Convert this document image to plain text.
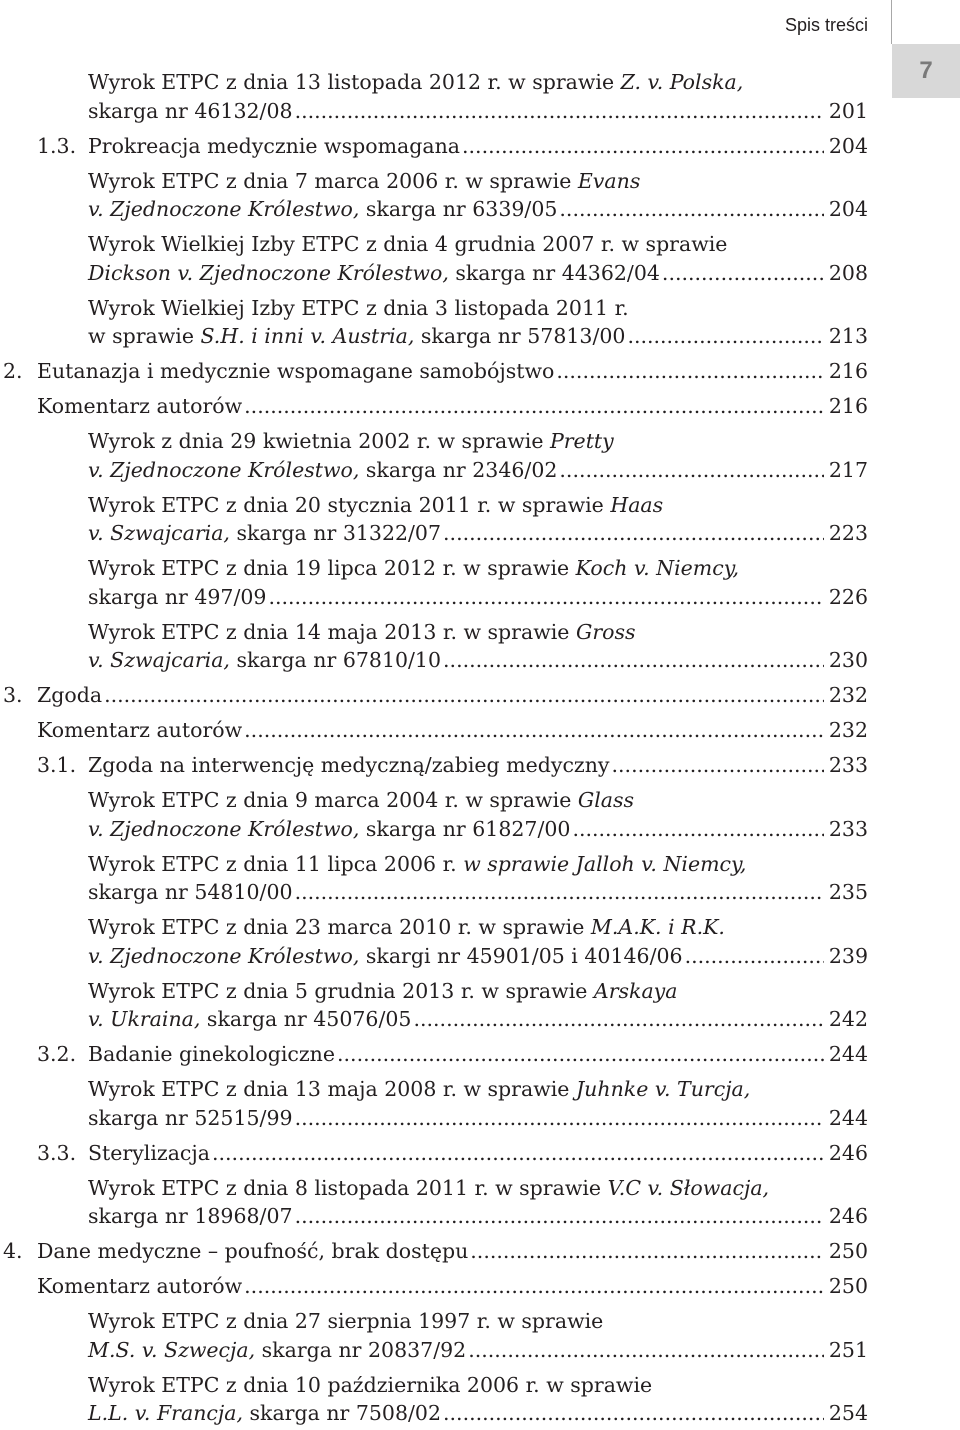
Spis treści
7
Wyrok ETPC z dnia 13 listopada 2012 r. w sprawie Z. v. Polska,
skarga nr 46132/08 .....	201
1.3. Prokreacja medycznie wspomagana .....	204
Wyrok ETPC z dnia 7 marca 2006 r. w sprawie Evans
v. Zjednoczone Królestwo, skarga nr 6339/05 .....	204
Wyrok Wielkiej Izby ETPC z dnia 4 grudnia 2007 r. w sprawie
Dickson v. Zjednoczone Królestwo, skarga nr 44362/04 .....	208
Wyrok Wielkiej Izby ETPC z dnia 3 listopada 2011 r.
w sprawie S.H. i inni v. Austria, skarga nr 57813/00 .....	213
2. Eutanazja i medycznie wspomagane samobójstwo .....	216
Komentarz autorów .....	216
Wyrok z dnia 29 kwietnia 2002 r. w sprawie Pretty
v. Zjednoczone Królestwo, skarga nr 2346/02 .....	217
Wyrok ETPC z dnia 20 stycznia 2011 r. w sprawie Haas
v. Szwajcaria, skarga nr 31322/07 .....	223
Wyrok ETPC z dnia 19 lipca 2012 r. w sprawie Koch v. Niemcy,
skarga nr 497/09 .....	226
Wyrok ETPC z dnia 14 maja 2013 r. w sprawie Gross
v. Szwajcaria, skarga nr 67810/10 .....	230
3. Zgoda .....	232
Komentarz autorów .....	232
3.1. Zgoda na interwencję medyczną/zabieg medyczny .....	233
Wyrok ETPC z dnia 9 marca 2004 r. w sprawie Glass
v. Zjednoczone Królestwo, skarga nr 61827/00 .....	233
Wyrok ETPC z dnia 11 lipca 2006 r. w sprawie Jalloh v. Niemcy,
skarga nr 54810/00 .....	235
Wyrok ETPC z dnia 23 marca 2010 r. w sprawie M.A.K. i R.K.
v. Zjednoczone Królestwo, skargi nr 45901/05 i 40146/06 .....	239
Wyrok ETPC z dnia 5 grudnia 2013 r. w sprawie Arskaya
v. Ukraina, skarga nr 45076/05 .....	242
3.2. Badanie ginekologiczne .....	244
Wyrok ETPC z dnia 13 maja 2008 r. w sprawie Juhnke v. Turcja,
skarga nr 52515/99 .....	244
3.3. Sterylizacja .....	246
Wyrok ETPC z dnia 8 listopada 2011 r. w sprawie V.C v. Słowacja,
skarga nr 18968/07 .....	246
4. Dane medyczne – poufność, brak dostępu .....	250
Komentarz autorów .....	250
Wyrok ETPC z dnia 27 sierpnia 1997 r. w sprawie
M.S. v. Szwecja, skarga nr 20837/92 .....	251
Wyrok ETPC z dnia 10 października 2006 r. w sprawie
L.L. v. Francja, skarga nr 7508/02 .....	254
